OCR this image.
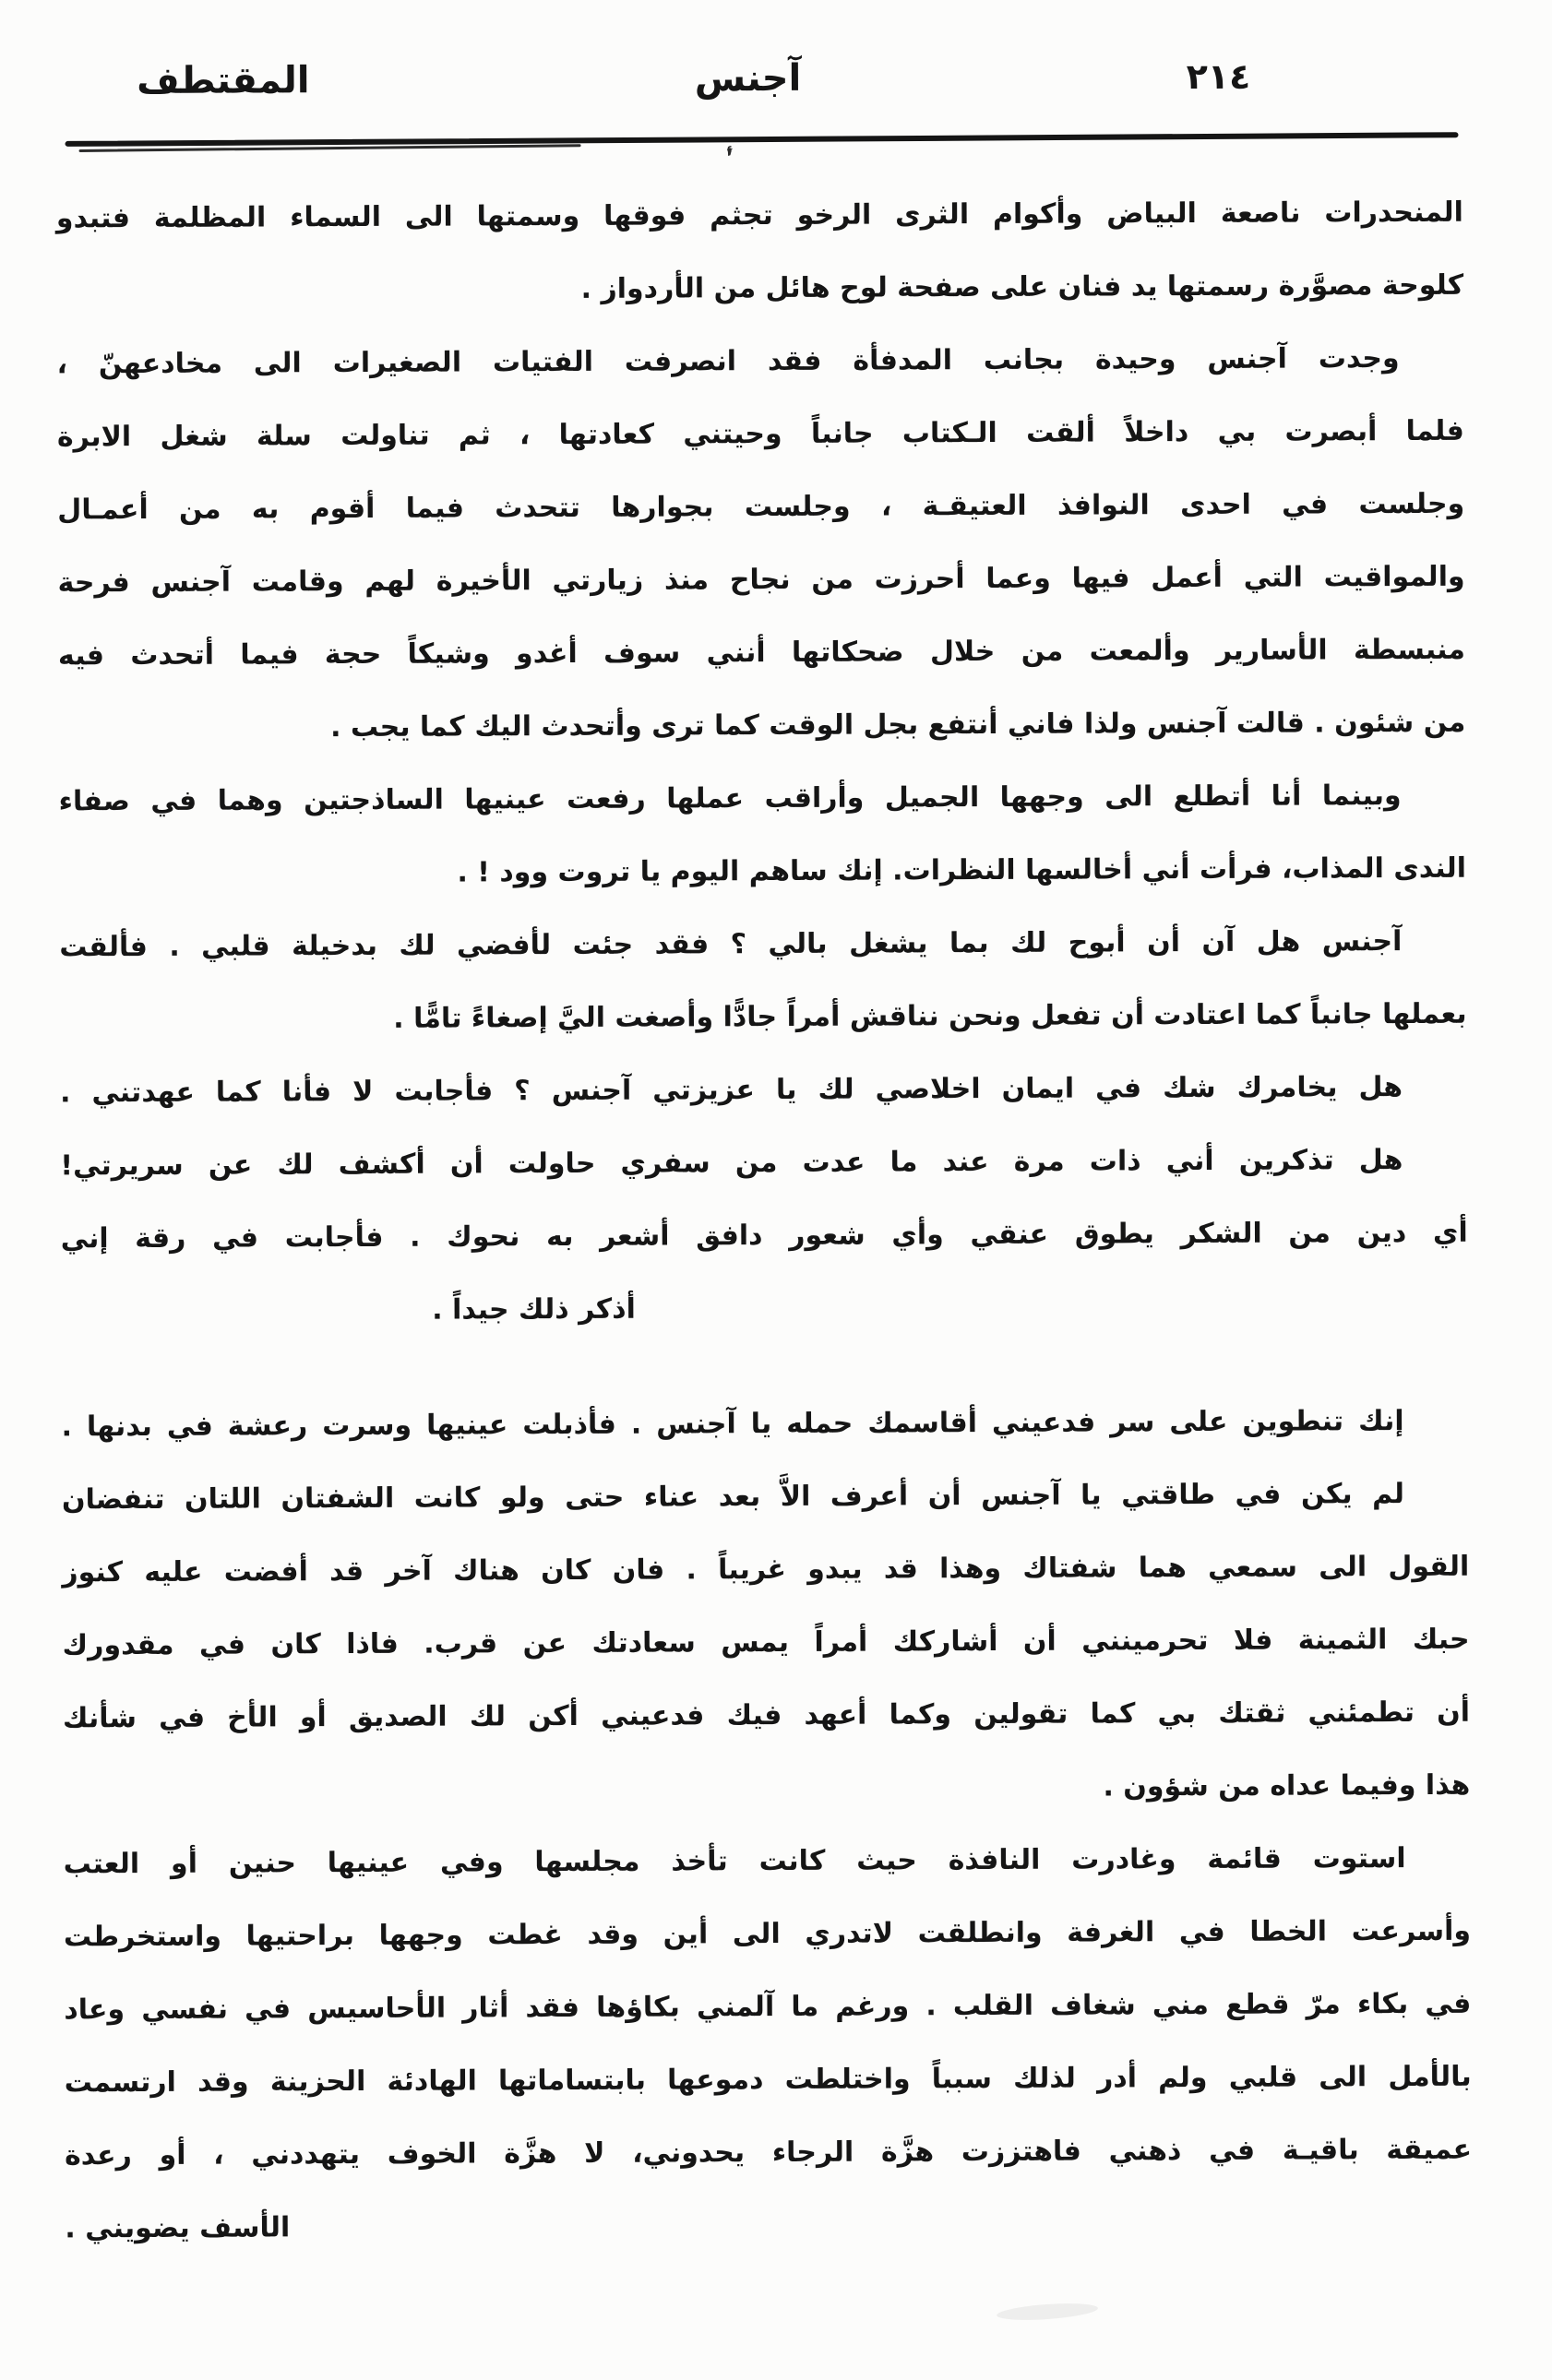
المقتطف	آجنس	٢١٤
المنحدرات ناصعة البياض وأكوام الثرى الرخو تجثم فوقها وسمتها الى السماء المظلمة فتبدو
كلوحة مصوَّرة رسمتها يد فنان على صفحة لوح هائل من الأردواز .
وجدت آجنس وحيدة بجانب المدفأة فقد انصرفت الفتيات الصغيرات الى مخادعهنّ ،
فلما أبصرت بي داخلاً ألقت الـكتاب جانباً وحيتني كعادتها ، ثم تناولت سلة شغل الابرة
وجلست في احدى النوافذ العتيقـة ، وجلست بجوارها تتحدث فيما أقوم به من أعمـال
والمواقيت التي أعمل فيها وعما أحرزت من نجاح منذ زيارتي الأخيرة لهم وقامت آجنس فرحة
منبسطة الأسارير وألمعت من خلال ضحكاتها أنني سوف أغدو وشيكاً حجة فيما أتحدث فيه
من شئون . قالت آجنس ولذا فاني أنتفع بجل الوقت كما ترى وأتحدث اليك كما يجب .
وبينما أنا أتطلع الى وجهها الجميل وأراقب عملها رفعت عينيها الساذجتين وهما في صفاء
الندى المذاب، فرأت أني أخالسها النظرات. إنك ساهم اليوم يا تروت وود ! .
آجنس هل آن أن أبوح لك بما يشغل بالي ؟ فقد جئت لأفضي لك بدخيلة قلبي . فألقت
بعملها جانباً كما اعتادت أن تفعل ونحن نناقش أمراً جادًّا وأصغت اليَّ إصغاءً تامًّا .
هل يخامرك شك في ايمان اخلاصي لك يا عزيزتي آجنس ؟ فأجابت لا فأنا كما عهدتني .
هل تذكرين أني ذات مرة عند ما عدت من سفري حاولت أن أكشف لك عن سريرتي!
أي دين من الشكر يطوق عنقي وأي شعور دافق أشعر به نحوك . فأجابت في رقة إني
أذكر ذلك جيداً .
إنك تنطوين على سر فدعيني أقاسمك حمله يا آجنس . فأذبلت عينيها وسرت رعشة في بدنها .
لم يكن في طاقتي يا آجنس أن أعرف الاَّ بعد عناء حتى ولو كانت الشفتان اللتان تنفضان
القول الى سمعي هما شفتاك وهذا قد يبدو غريباً . فان كان هناك آخر قد أفضت عليه كنوز
حبك الثمينة فلا تحرمينني أن أشاركك أمراً يمس سعادتك عن قرب. فاذا كان في مقدورك
أن تطمئني ثقتك بي كما تقولين وكما أعهد فيك فدعيني أكن لك الصديق أو الأخ في شأنك
هذا وفيما عداه من شؤون .
استوت قائمة وغادرت النافذة حيث كانت تأخذ مجلسها وفي عينيها حنين أو العتب
وأسرعت الخطا في الغرفة وانطلقت لاتدري الى أين وقد غطت وجهها براحتيها واستخرطت
في بكاء مرّ قطع مني شغاف القلب . ورغم ما آلمني بكاؤها فقد أثار الأحاسيس في نفسي وعاد
بالأمل الى قلبي ولم أدر لذلك سبباً واختلطت دموعها بابتساماتها الهادئة الحزينة وقد ارتسمت
عميقة باقيـة في ذهني فاهتززت هزَّة الرجاء يحدوني، لا هزَّة الخوف يتهددني ، أو رعدة
الأسف يضويني .
ٔ٬
